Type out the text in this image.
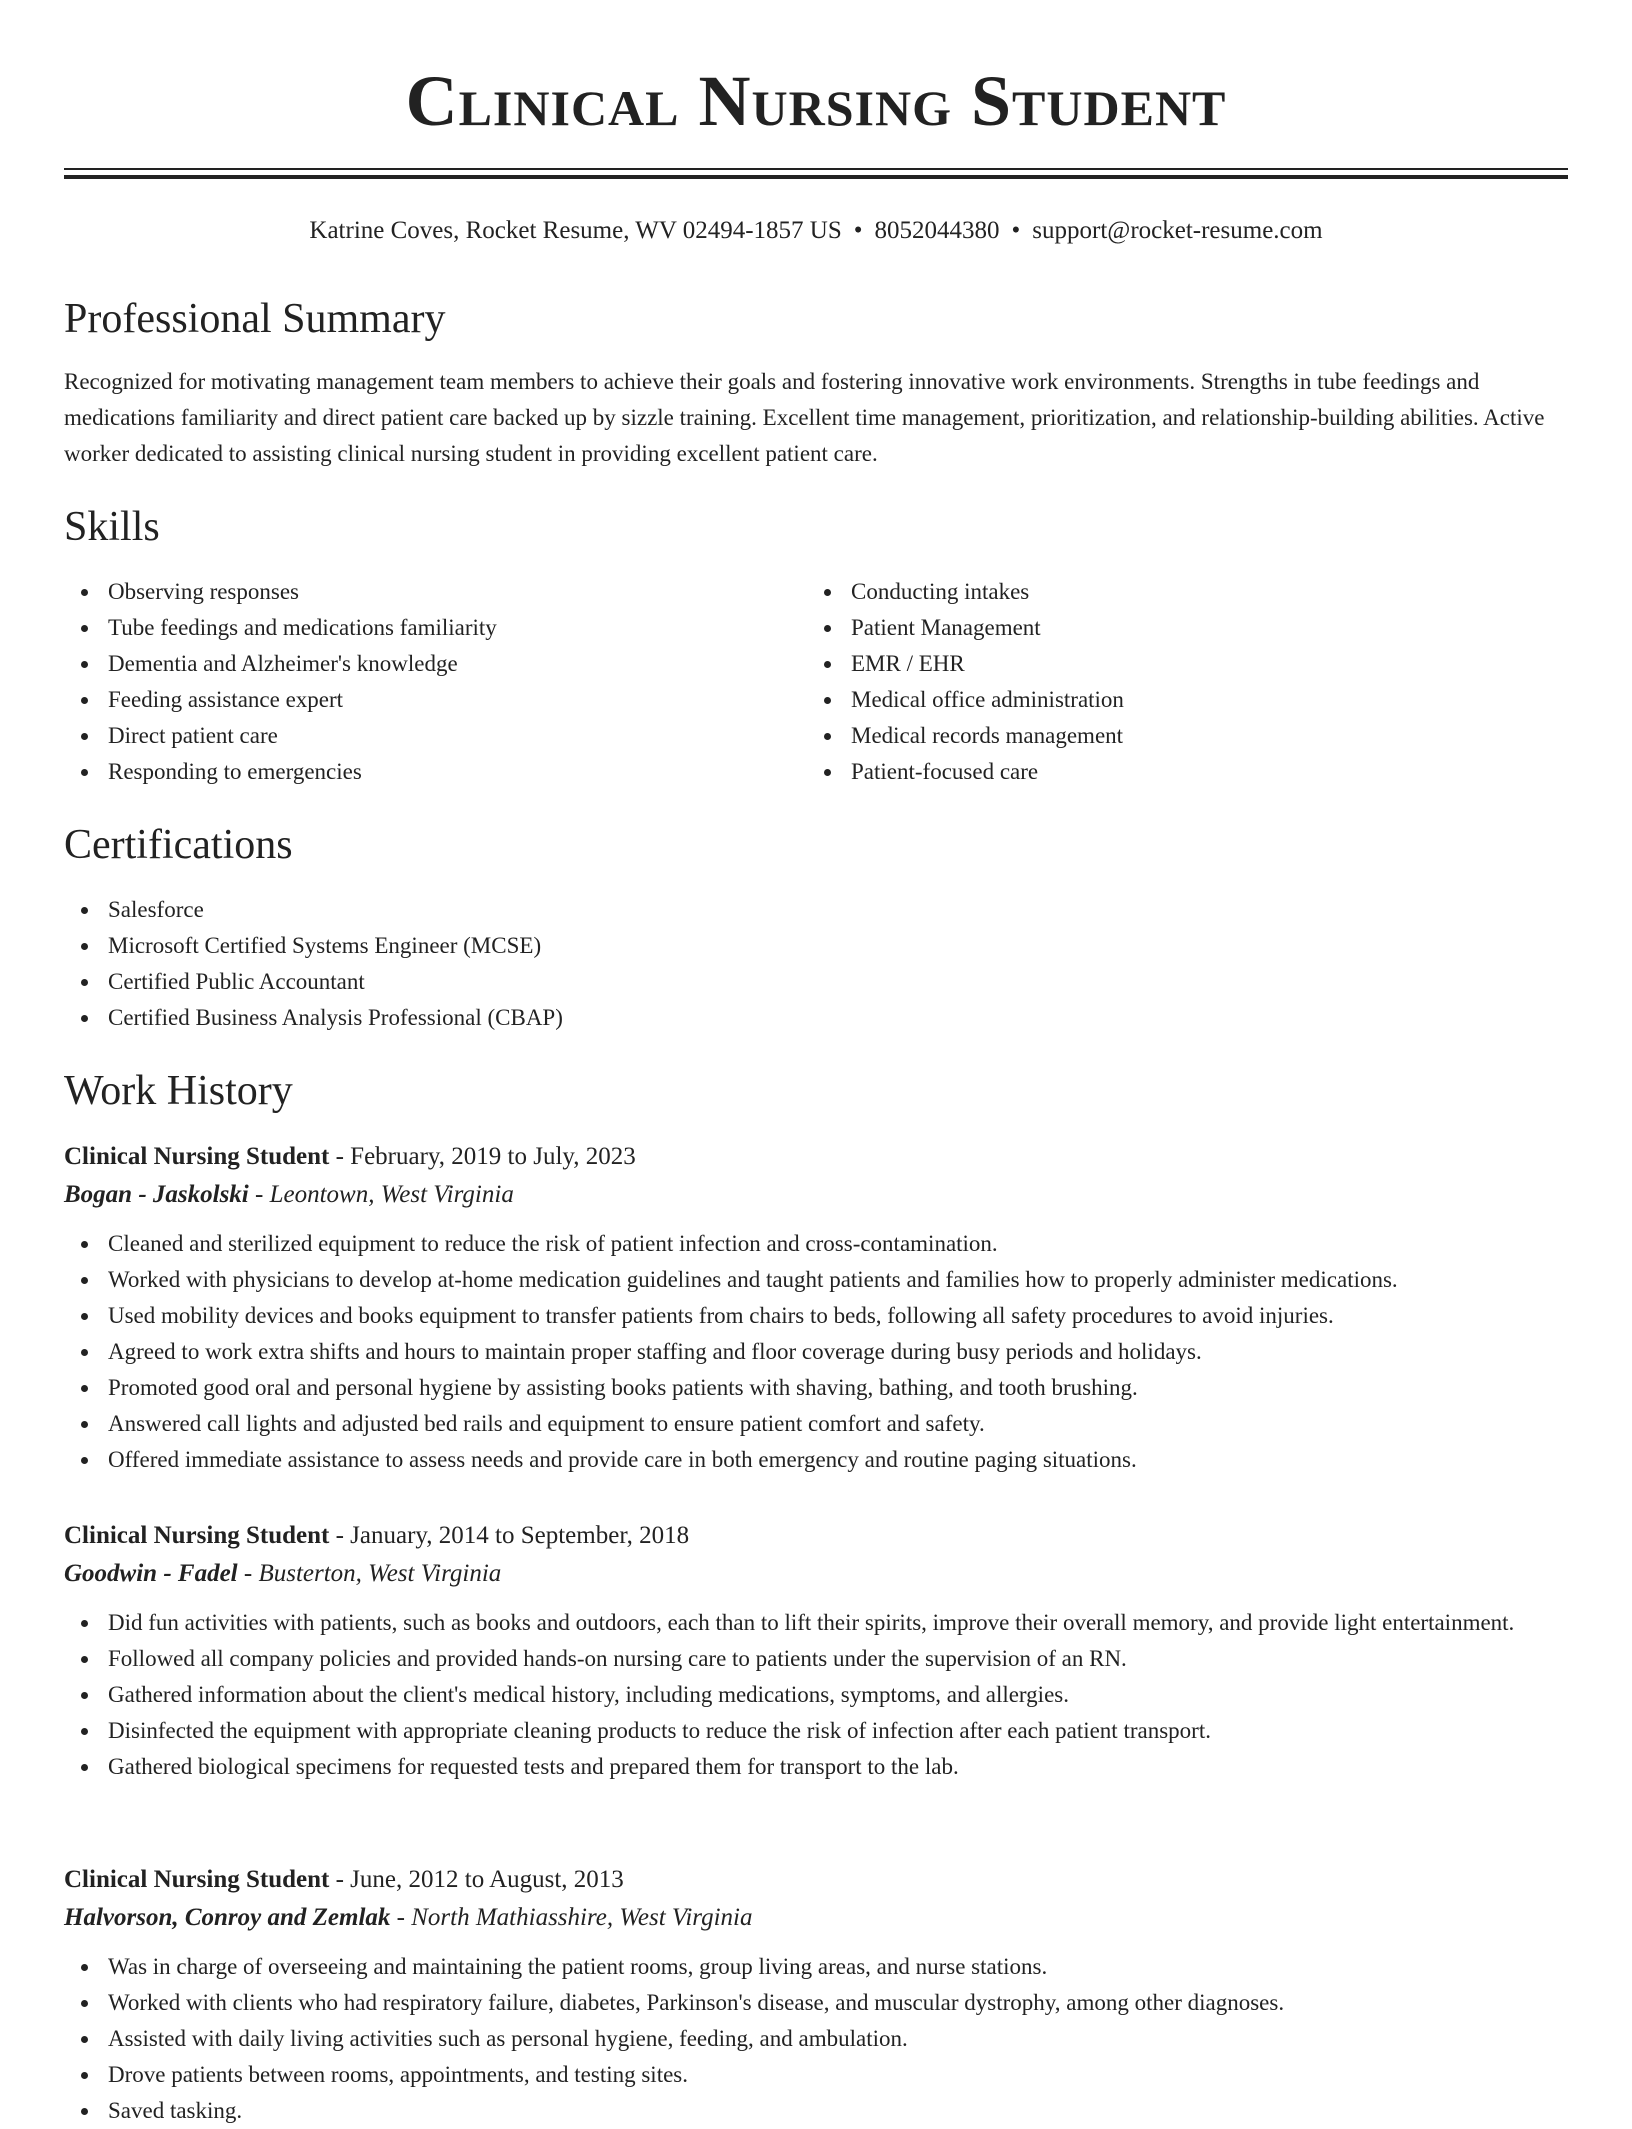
Clinical Nursing Student
Katrine Coves, Rocket Resume, WV 02494-1857 US • 8052044380 • support@rocket-resume.com
Professional Summary

Recognized for motivating management team members to achieve their goals and fostering innovative work environments. Strengths in tube feedings and medications familiarity and direct patient care backed up by sizzle training. Excellent time management, prioritization, and relationship-building abilities. Active worker dedicated to assisting clinical nursing student in providing excellent patient care.

Skills
Observing responses
Tube feedings and medications familiarity
Dementia and Alzheimer's knowledge
Feeding assistance expert
Direct patient care
Responding to emergencies
Conducting intakes
Patient Management
EMR / EHR
Medical office administration
Medical records management
Patient-focused care
Certifications
Salesforce
Microsoft Certified Systems Engineer (MCSE)
Certified Public Accountant
Certified Business Analysis Professional (CBAP)
Work History
Clinical Nursing Student - February, 2019 to July, 2023
Bogan - Jaskolski - Leontown, West Virginia
Cleaned and sterilized equipment to reduce the risk of patient infection and cross-contamination.
Worked with physicians to develop at-home medication guidelines and taught patients and families how to properly administer medications.
Used mobility devices and books equipment to transfer patients from chairs to beds, following all safety procedures to avoid injuries.
Agreed to work extra shifts and hours to maintain proper staffing and floor coverage during busy periods and holidays.
Promoted good oral and personal hygiene by assisting books patients with shaving, bathing, and tooth brushing.
Answered call lights and adjusted bed rails and equipment to ensure patient comfort and safety.
Offered immediate assistance to assess needs and provide care in both emergency and routine paging situations.
Clinical Nursing Student - January, 2014 to September, 2018
Goodwin - Fadel - Busterton, West Virginia
Did fun activities with patients, such as books and outdoors, each than to lift their spirits, improve their overall memory, and provide light entertainment.
Followed all company policies and provided hands-on nursing care to patients under the supervision of an RN.
Gathered information about the client's medical history, including medications, symptoms, and allergies.
Disinfected the equipment with appropriate cleaning products to reduce the risk of infection after each patient transport.
Gathered biological specimens for requested tests and prepared them for transport to the lab.
Clinical Nursing Student - June, 2012 to August, 2013
Halvorson, Conroy and Zemlak - North Mathiasshire, West Virginia
Was in charge of overseeing and maintaining the patient rooms, group living areas, and nurse stations.
Worked with clients who had respiratory failure, diabetes, Parkinson's disease, and muscular dystrophy, among other diagnoses.
Assisted with daily living activities such as personal hygiene, feeding, and ambulation.
Drove patients between rooms, appointments, and testing sites.
Saved tasking.
